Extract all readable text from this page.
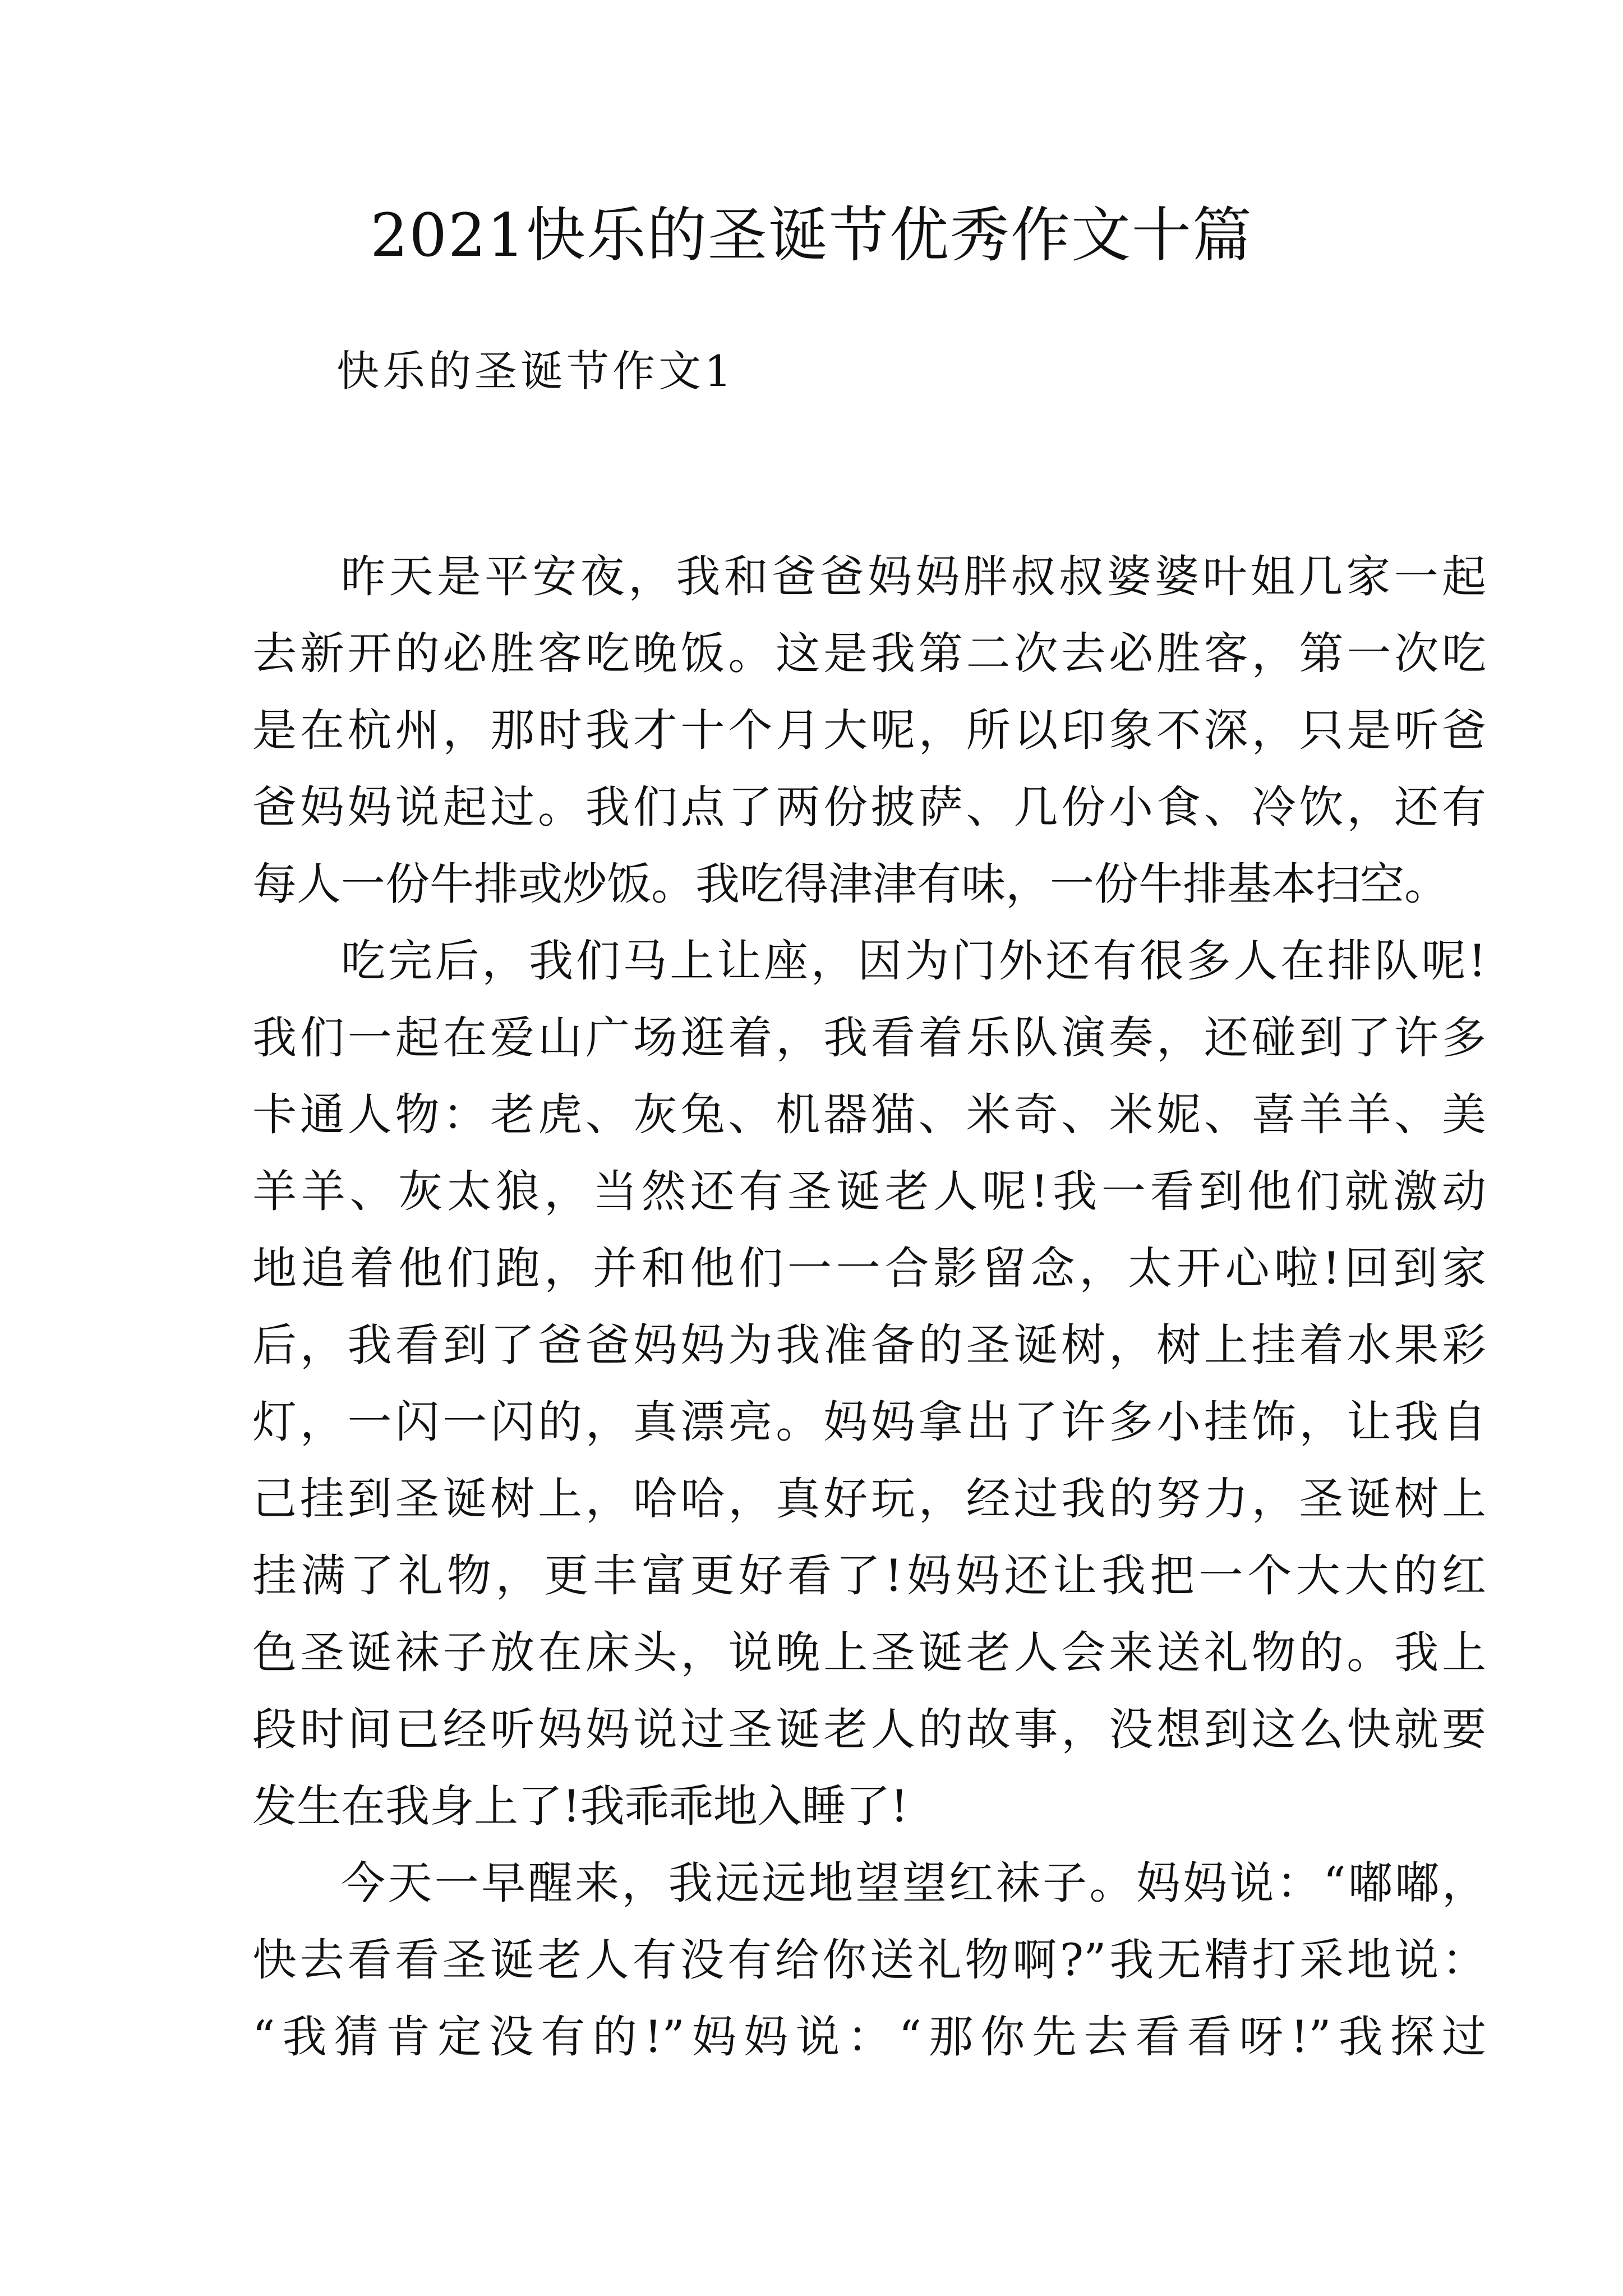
2021快乐的圣诞节优秀作文十篇
快乐的圣诞节作文1
昨天是平安夜，我和爸爸妈妈胖叔叔婆婆叶姐几家一起
去新开的必胜客吃晚饭。这是我第二次去必胜客，第一次吃
是在杭州，那时我才十个月大呢，所以印象不深，只是听爸
爸妈妈说起过。我们点了两份披萨、几份小食、冷饮，还有
每人一份牛排或炒饭。我吃得津津有味，一份牛排基本扫空。
吃完后，我们马上让座，因为门外还有很多人在排队呢!
我们一起在爱山广场逛着，我看着乐队演奏，还碰到了许多
卡通人物：老虎、灰兔、机器猫、米奇、米妮、喜羊羊、美
羊羊、灰太狼，当然还有圣诞老人呢!我一看到他们就激动
地追着他们跑，并和他们一一合影留念，太开心啦!回到家
后，我看到了爸爸妈妈为我准备的圣诞树，树上挂着水果彩
灯，一闪一闪的，真漂亮。妈妈拿出了许多小挂饰，让我自
己挂到圣诞树上，哈哈，真好玩，经过我的努力，圣诞树上
挂满了礼物，更丰富更好看了!妈妈还让我把一个大大的红
色圣诞袜子放在床头，说晚上圣诞老人会来送礼物的。我上
段时间已经听妈妈说过圣诞老人的故事，没想到这么快就要
发生在我身上了!我乖乖地入睡了!
今天一早醒来，我远远地望望红袜子。妈妈说：“嘟嘟，
快去看看圣诞老人有没有给你送礼物啊?”我无精打采地说：
“我猜肯定没有的!”妈妈说：“那你先去看看呀!”我探过
